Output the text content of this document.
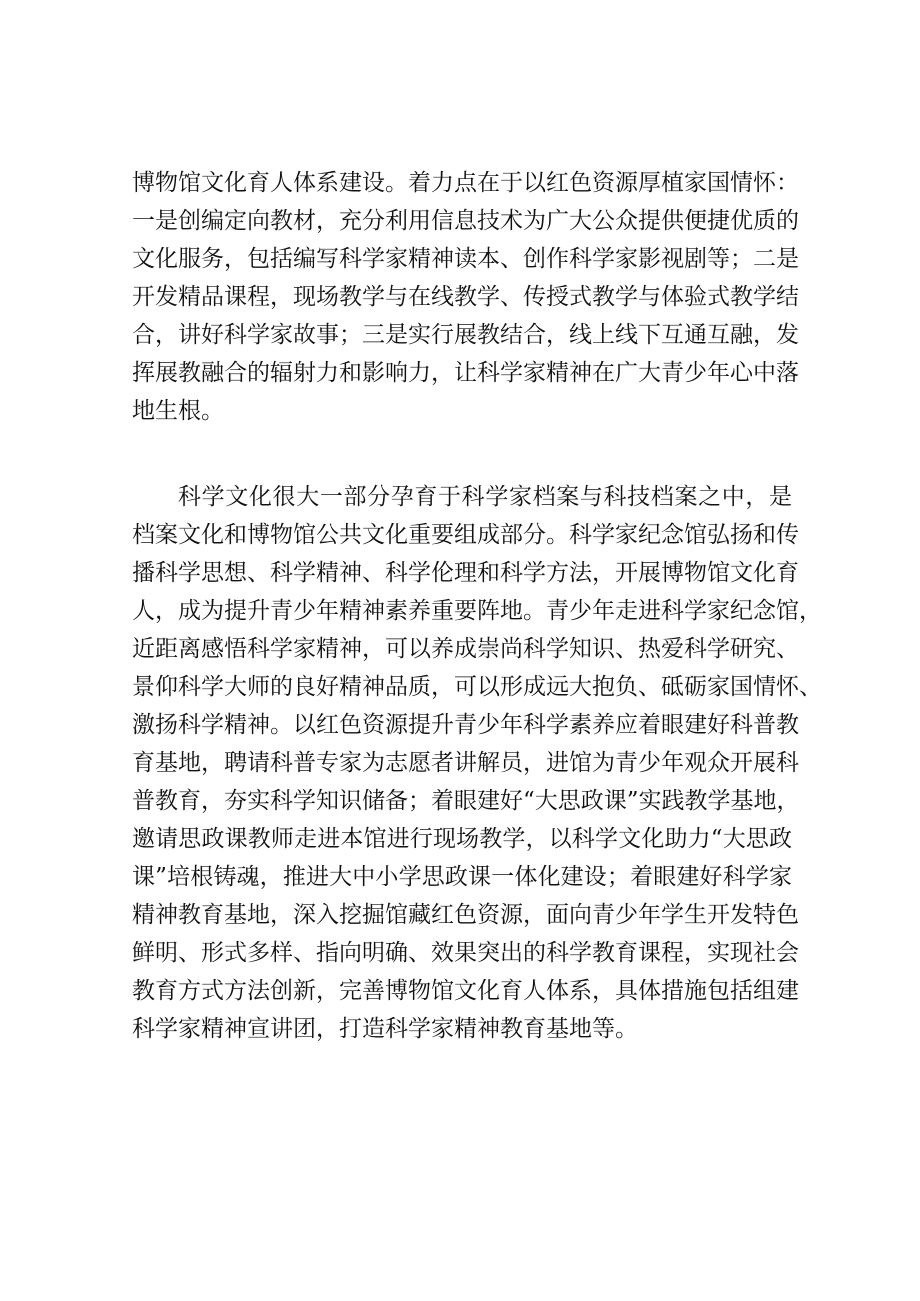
博物馆文化育人体系建设。着力点在于以红色资源厚植家国情怀：
一是创编定向教材，充分利用信息技术为广大公众提供便捷优质的
文化服务，包括编写科学家精神读本、创作科学家影视剧等；二是
开发精品课程，现场教学与在线教学、传授式教学与体验式教学结
合，讲好科学家故事；三是实行展教结合，线上线下互通互融，发
挥展教融合的辐射力和影响力，让科学家精神在广大青少年心中落
地生根。
科学文化很大一部分孕育于科学家档案与科技档案之中，是
档案文化和博物馆公共文化重要组成部分。科学家纪念馆弘扬和传
播科学思想、科学精神、科学伦理和科学方法，开展博物馆文化育
人，成为提升青少年精神素养重要阵地。青少年走进科学家纪念馆，
近距离感悟科学家精神，可以养成崇尚科学知识、热爱科学研究、
景仰科学大师的良好精神品质，可以形成远大抱负、砥砺家国情怀、
激扬科学精神。以红色资源提升青少年科学素养应着眼建好科普教
育基地，聘请科普专家为志愿者讲解员，进馆为青少年观众开展科
普教育，夯实科学知识储备；着眼建好“大思政课”实践教学基地，
邀请思政课教师走进本馆进行现场教学，以科学文化助力“大思政
课”培根铸魂，推进大中小学思政课一体化建设；着眼建好科学家
精神教育基地，深入挖掘馆藏红色资源，面向青少年学生开发特色
鲜明、形式多样、指向明确、效果突出的科学教育课程，实现社会
教育方式方法创新，完善博物馆文化育人体系，具体措施包括组建
科学家精神宣讲团，打造科学家精神教育基地等。
